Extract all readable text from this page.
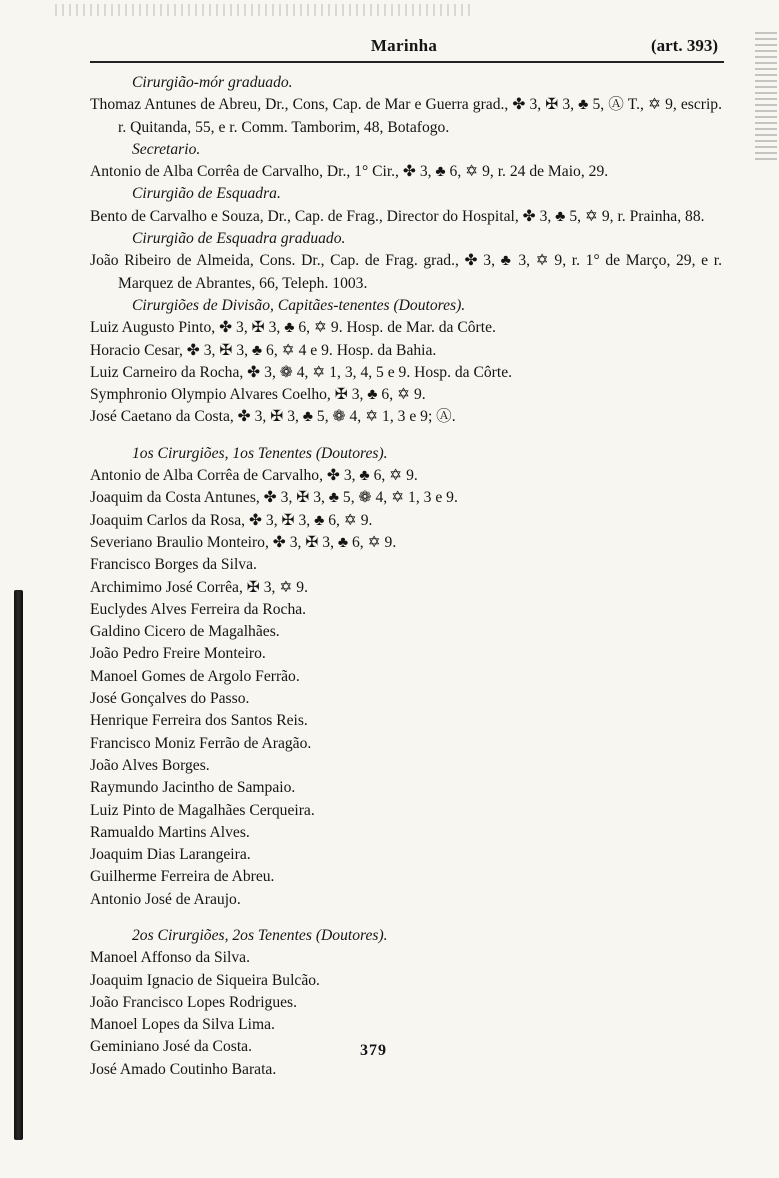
Marinha	(art. 393)
Cirurgião-mór graduado.
Thomaz Antunes de Abreu, Dr., Cons, Cap. de Mar e Guerra grad., ✤ 3, ✠ 3, ♣ 5, Ⓐ T., ✡ 9, escrip. r. Quitanda, 55, e r. Comm. Tamborim, 48, Botafogo.
Secretario.
Antonio de Alba Corrêa de Carvalho, Dr., 1° Cir., ✤ 3, ♣ 6, ✡ 9, r. 24 de Maio, 29.
Cirurgião de Esquadra.
Bento de Carvalho e Souza, Dr., Cap. de Frag., Director do Hospital, ✤ 3, ♣ 5, ✡ 9, r. Prainha, 88.
Cirurgião de Esquadra graduado.
João Ribeiro de Almeida, Cons. Dr., Cap. de Frag. grad., ✤ 3, ♣ 3, ✡ 9, r. 1° de Março, 29, e r. Marquez de Abrantes, 66, Teleph. 1003.
Cirurgiões de Divisão, Capitães-tenentes (Doutores).
Luiz Augusto Pinto, ✤ 3, ✠ 3, ♣ 6, ✡ 9. Hosp. de Mar. da Côrte.
Horacio Cesar, ✤ 3, ✠ 3, ♣ 6, ✡ 4 e 9. Hosp. da Bahia.
Luiz Carneiro da Rocha, ✤ 3, ❁ 4, ✡ 1, 3, 4, 5 e 9. Hosp. da Côrte.
Symphronio Olympio Alvares Coelho, ✠ 3, ♣ 6, ✡ 9.
José Caetano da Costa, ✤ 3, ✠ 3, ♣ 5, ❁ 4, ✡ 1, 3 e 9; Ⓐ.
1os Cirurgiões, 1os Tenentes (Doutores).
Antonio de Alba Corrêa de Carvalho, ✤ 3, ♣ 6, ✡ 9.
Joaquim da Costa Antunes, ✤ 3, ✠ 3, ♣ 5, ❁ 4, ✡ 1, 3 e 9.
Joaquim Carlos da Rosa, ✤ 3, ✠ 3, ♣ 6, ✡ 9.
Severiano Braulio Monteiro, ✤ 3, ✠ 3, ♣ 6, ✡ 9.
Francisco Borges da Silva.
Archimimo José Corrêa, ✠ 3, ✡ 9.
Euclydes Alves Ferreira da Rocha.
Galdino Cicero de Magalhães.
João Pedro Freire Monteiro.
Manoel Gomes de Argolo Ferrão.
José Gonçalves do Passo.
Henrique Ferreira dos Santos Reis.
Francisco Moniz Ferrão de Aragão.
João Alves Borges.
Raymundo Jacintho de Sampaio.
Luiz Pinto de Magalhães Cerqueira.
Ramualdo Martins Alves.
Joaquim Dias Larangeira.
Guilherme Ferreira de Abreu.
Antonio José de Araujo.
2os Cirurgiões, 2os Tenentes (Doutores).
Manoel Affonso da Silva.
Joaquim Ignacio de Siqueira Bulcão.
João Francisco Lopes Rodrigues.
Manoel Lopes da Silva Lima.
Geminiano José da Costa.
José Amado Coutinho Barata.
379
